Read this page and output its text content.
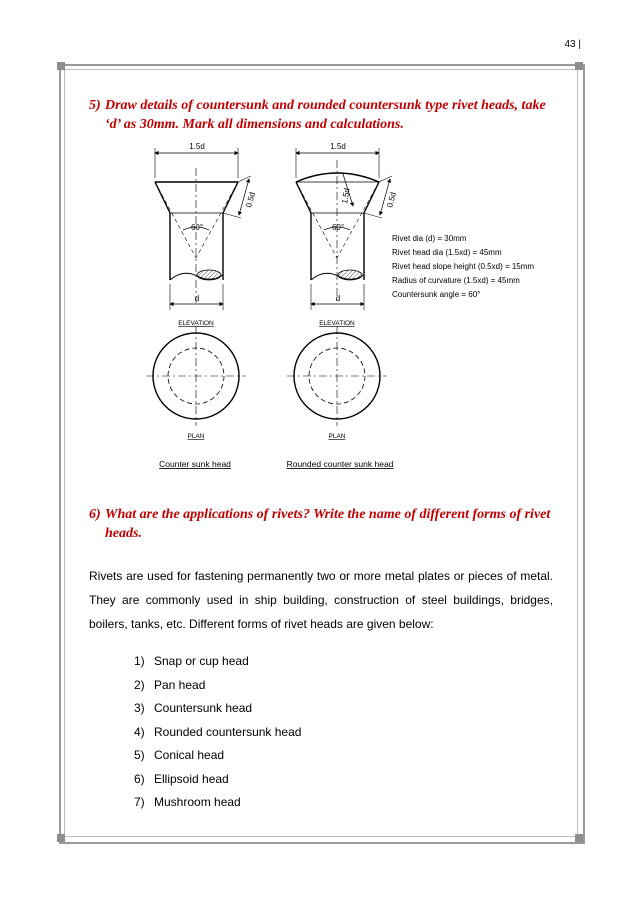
43 |
5) Draw details of countersunk and rounded countersunk type rivet heads, take ‘d’ as 30mm. Mark all dimensions and calculations.
1.5d
60°
0.5d
d
ELEVATION
PLAN
Counter sunk head
1.5d
1.5d
60°
0.5d
d
ELEVATION
PLAN
Rounded counter sunk head
Rivet dia (d) = 30mm
Rivet head dia (1.5xd) = 45mm
Rivet head slope height (0.5xd) = 15mm
Radius of curvature (1.5xd) = 45mm
Countersunk angle = 60°
6) What are the applications of rivets? Write the name of different forms of rivet heads.
Rivets are used for fastening permanently two or more metal plates or pieces of metal. They are commonly used in ship building, construction of steel buildings, bridges, boilers, tanks, etc. Different forms of rivet heads are given below:
1) Snap or cup head
2) Pan head
3) Countersunk head
4) Rounded countersunk head
5) Conical head
6) Ellipsoid head
7) Mushroom head
